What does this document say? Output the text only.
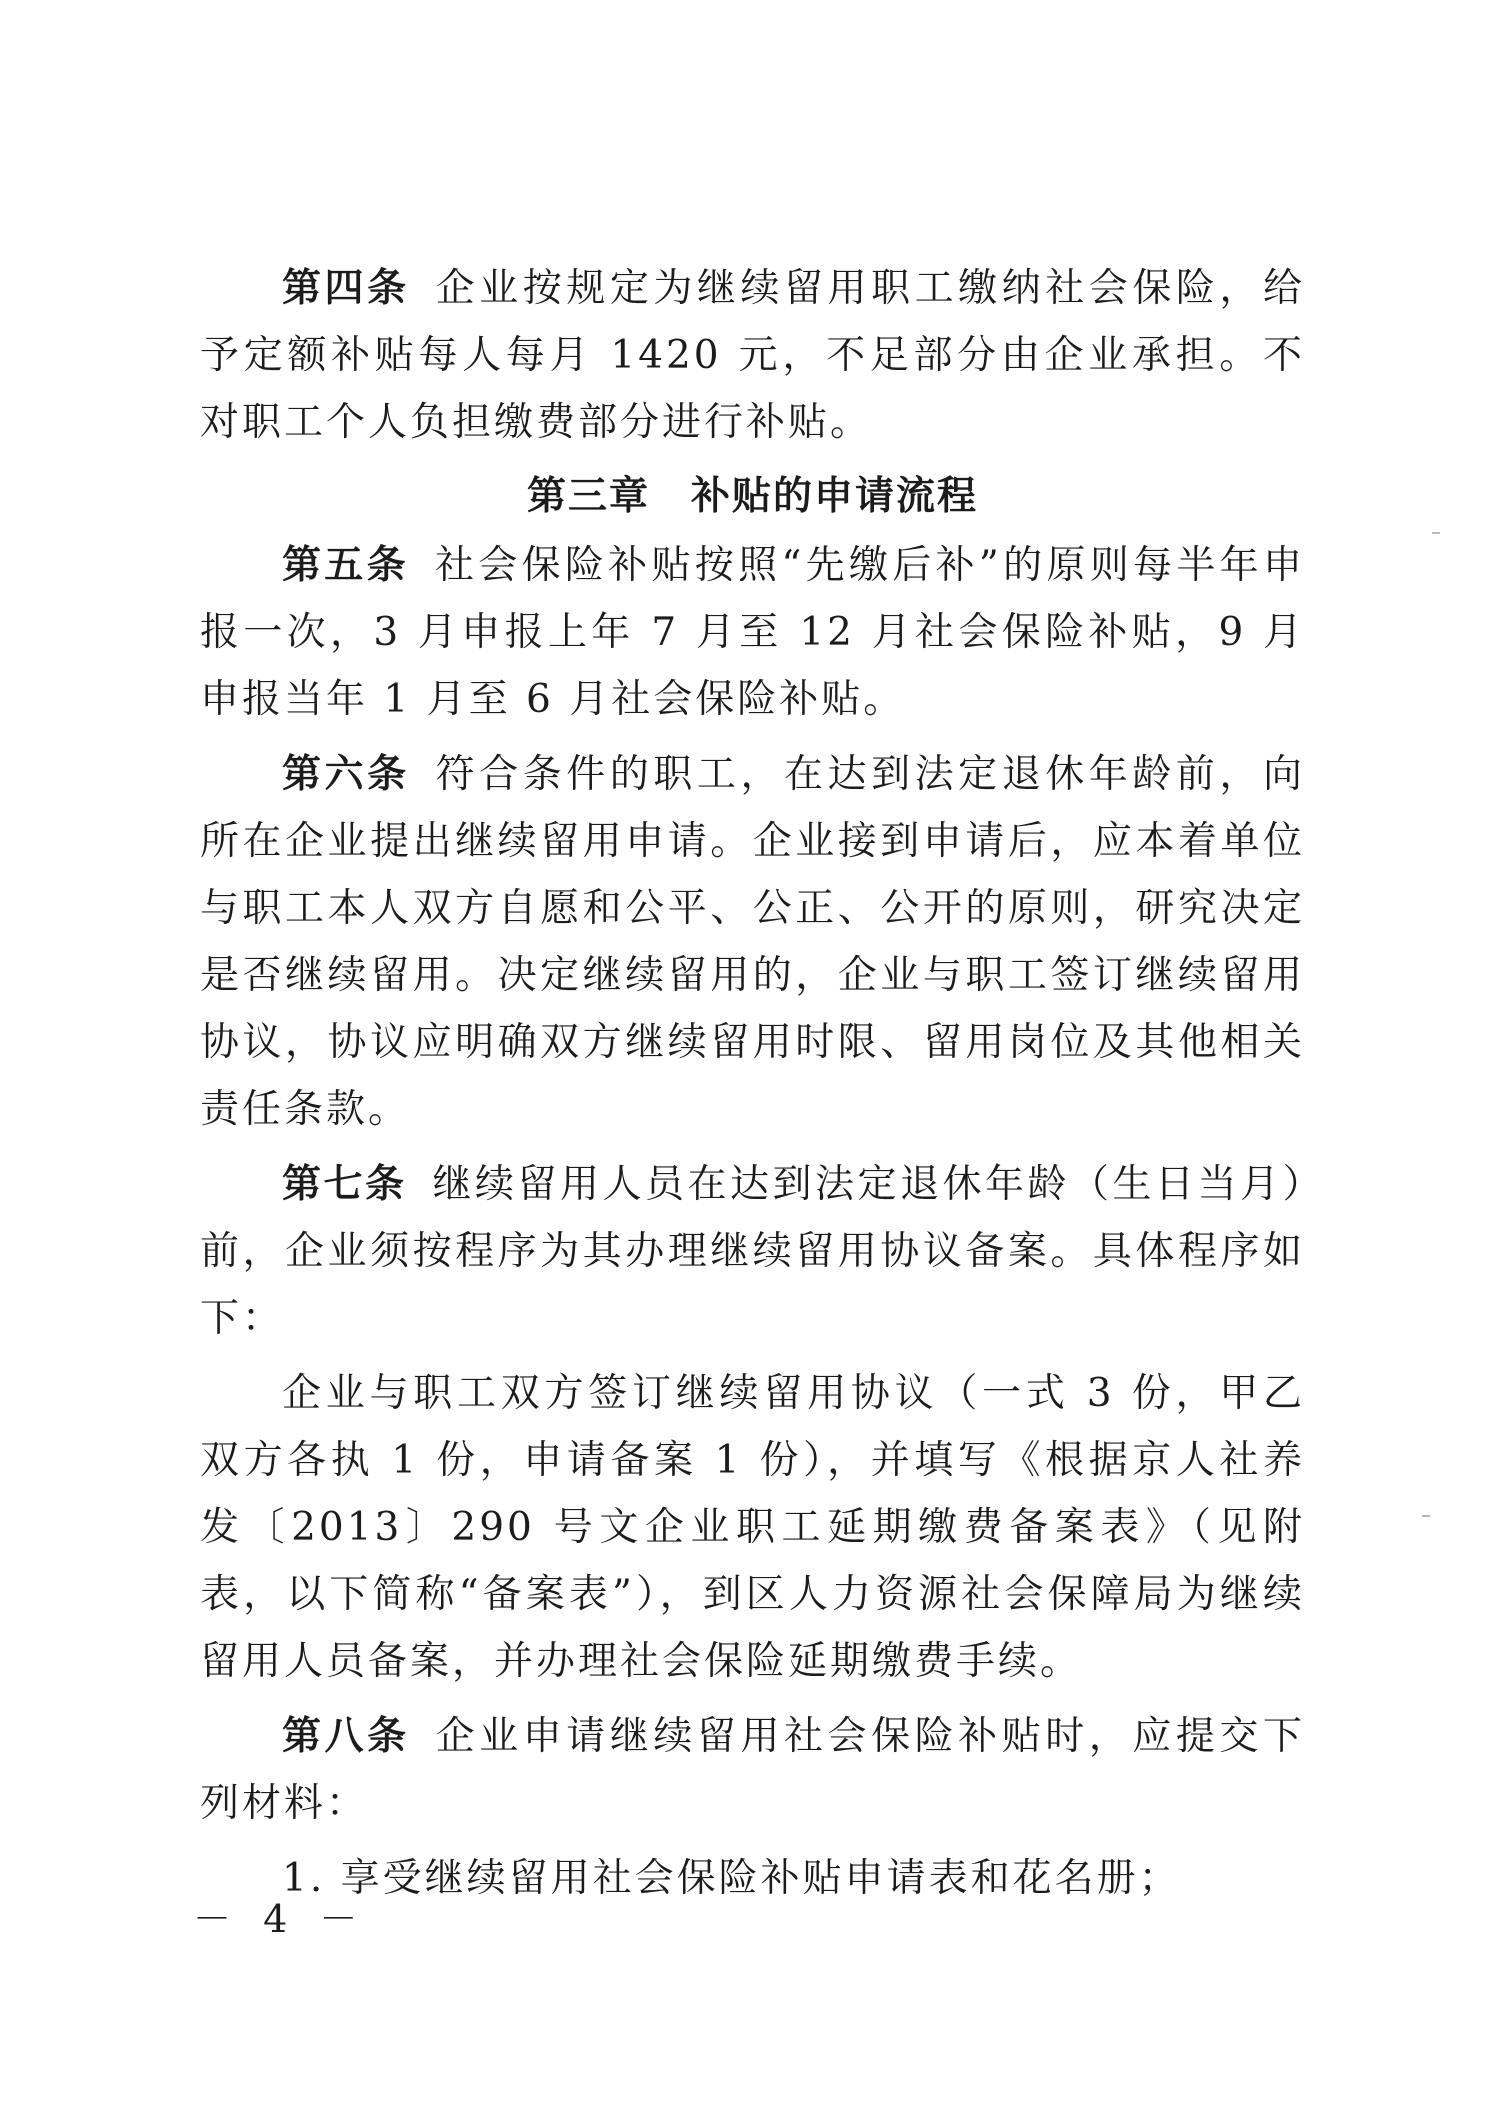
第四条 企业按规定为继续留用职工缴纳社会保险，给予定额补贴每人每月 1420 元，不足部分由企业承担。不对职工个人负担缴费部分进行补贴。

第三章　补贴的申请流程

第五条 社会保险补贴按照“先缴后补”的原则每半年申报一次，3 月申报上年 7 月至 12 月社会保险补贴，9 月申报当年 1 月至 6 月社会保险补贴。

第六条 符合条件的职工，在达到法定退休年龄前，向所在企业提出继续留用申请。企业接到申请后，应本着单位与职工本人双方自愿和公平、公正、公开的原则，研究决定是否继续留用。决定继续留用的，企业与职工签订继续留用协议，协议应明确双方继续留用时限、留用岗位及其他相关责任条款。

第七条 继续留用人员在达到法定退休年龄（生日当月）前，企业须按程序为其办理继续留用协议备案。具体程序如下：

企业与职工双方签订继续留用协议（一式 3 份，甲乙双方各执 1 份，申请备案 1 份），并填写《根据京人社养发〔2013〕290 号文企业职工延期缴费备案表》（见附表，以下简称“备案表”），到区人力资源社会保障局为继续留用人员备案，并办理社会保险延期缴费手续。

第八条 企业申请继续留用社会保险补贴时，应提交下列材料：

1. 享受继续留用社会保险补贴申请表和花名册；

－ 4 －
